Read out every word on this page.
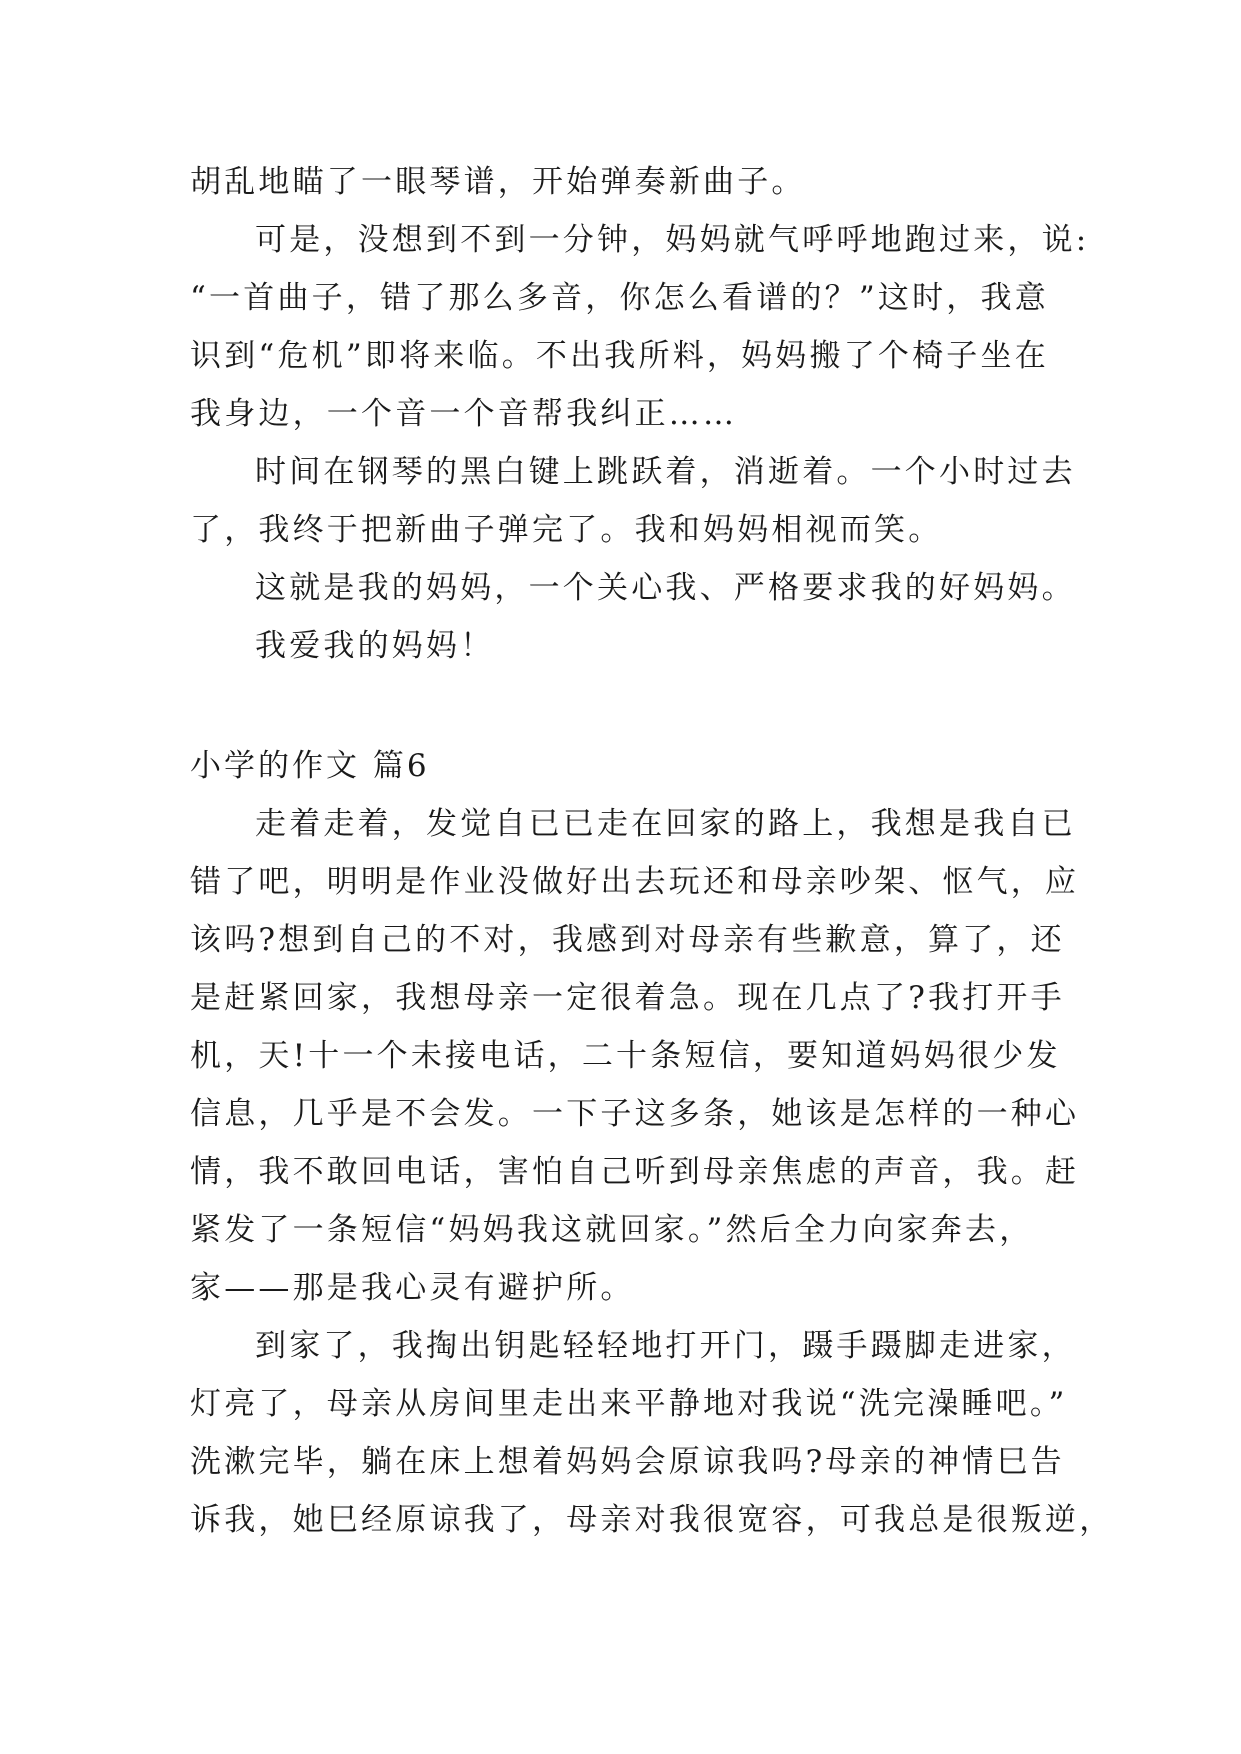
胡乱地瞄了一眼琴谱，开始弹奏新曲子。
可是，没想到不到一分钟，妈妈就气呼呼地跑过来，说:
“一首曲子，错了那么多音，你怎么看谱的？”这时，我意
识到“危机”即将来临。不出我所料，妈妈搬了个椅子坐在
我身边，一个音一个音帮我纠正……
时间在钢琴的黑白键上跳跃着，消逝着。一个小时过去
了，我终于把新曲子弹完了。我和妈妈相视而笑。
这就是我的妈妈，一个关心我、严格要求我的好妈妈。
我爱我的妈妈！
小学的作文 篇6
走着走着，发觉自已已走在回家的路上，我想是我自已
错了吧，明明是作业没做好出去玩还和母亲吵架、怄气，应
该吗?想到自己的不对，我感到对母亲有些歉意，算了，还
是赶紧回家，我想母亲一定很着急。现在几点了?我打开手
机，天!十一个未接电话，二十条短信，要知道妈妈很少发
信息，几乎是不会发。一下子这多条，她该是怎样的一种心
情，我不敢回电话，害怕自己听到母亲焦虑的声音，我。赶
紧发了一条短信“妈妈我这就回家。”然后全力向家奔去，
家——那是我心灵有避护所。
到家了，我掏出钥匙轻轻地打开门，蹑手蹑脚走进家，
灯亮了，母亲从房间里走出来平静地对我说“洗完澡睡吧。”
洗漱完毕，躺在床上想着妈妈会原谅我吗?母亲的神情巳告
诉我，她巳经原谅我了，母亲对我很宽容，可我总是很叛逆，
